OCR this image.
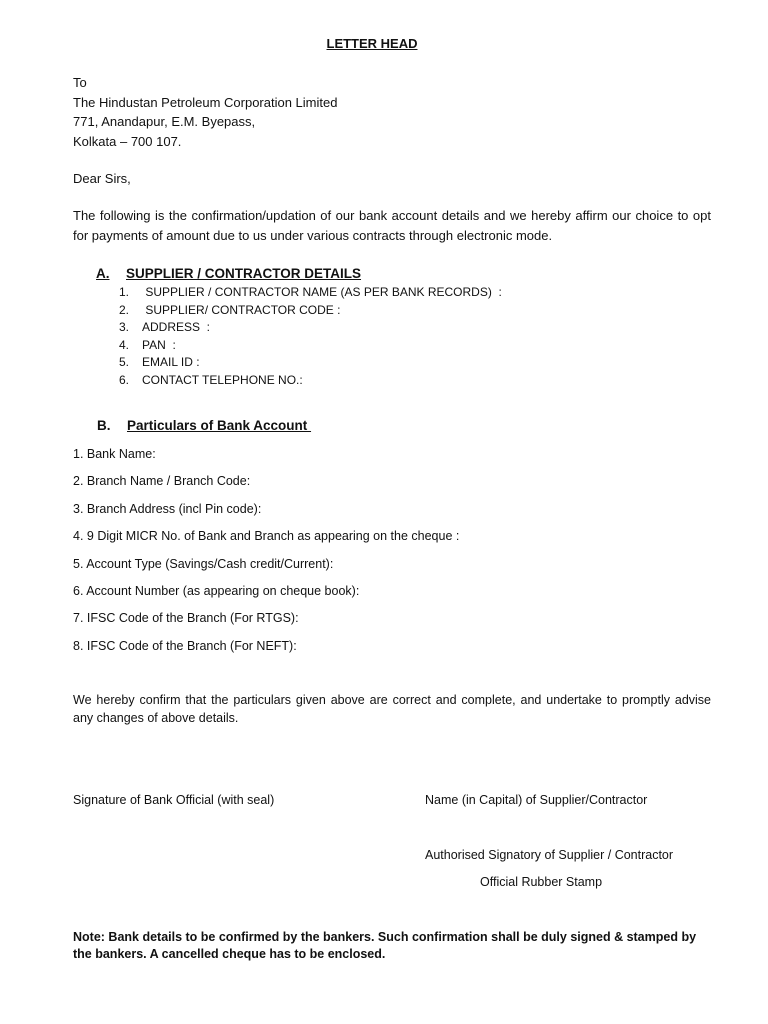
LETTER HEAD
To
The Hindustan Petroleum Corporation Limited
771, Anandapur, E.M. Byepass,
Kolkata – 700 107.
Dear Sirs,
The following is the confirmation/updation of our bank account details and we hereby affirm our choice to opt for payments of amount due to us under various contracts through electronic mode.
A. SUPPLIER / CONTRACTOR DETAILS
1. SUPPLIER / CONTRACTOR NAME (AS PER BANK RECORDS)  :
2. SUPPLIER/ CONTRACTOR CODE :
3. ADDRESS  :
4. PAN  :
5. EMAIL ID :
6. CONTACT TELEPHONE NO.:
B. Particulars of Bank Account
1. Bank Name:
2. Branch Name / Branch Code:
3. Branch Address (incl Pin code):
4. 9 Digit MICR No. of Bank and Branch as appearing on the cheque :
5. Account Type (Savings/Cash credit/Current):
6. Account Number (as appearing on cheque book):
7. IFSC Code of the Branch (For RTGS):
8. IFSC Code of the Branch (For NEFT):
We hereby confirm that the particulars given above are correct and complete, and undertake to promptly advise any changes of above details.
Signature of Bank Official (with seal)	Name (in Capital) of Supplier/Contractor
Authorised Signatory of Supplier / Contractor
Official Rubber Stamp
Note: Bank details to be confirmed by the bankers. Such confirmation shall be duly signed & stamped by the bankers. A cancelled cheque has to be enclosed.
